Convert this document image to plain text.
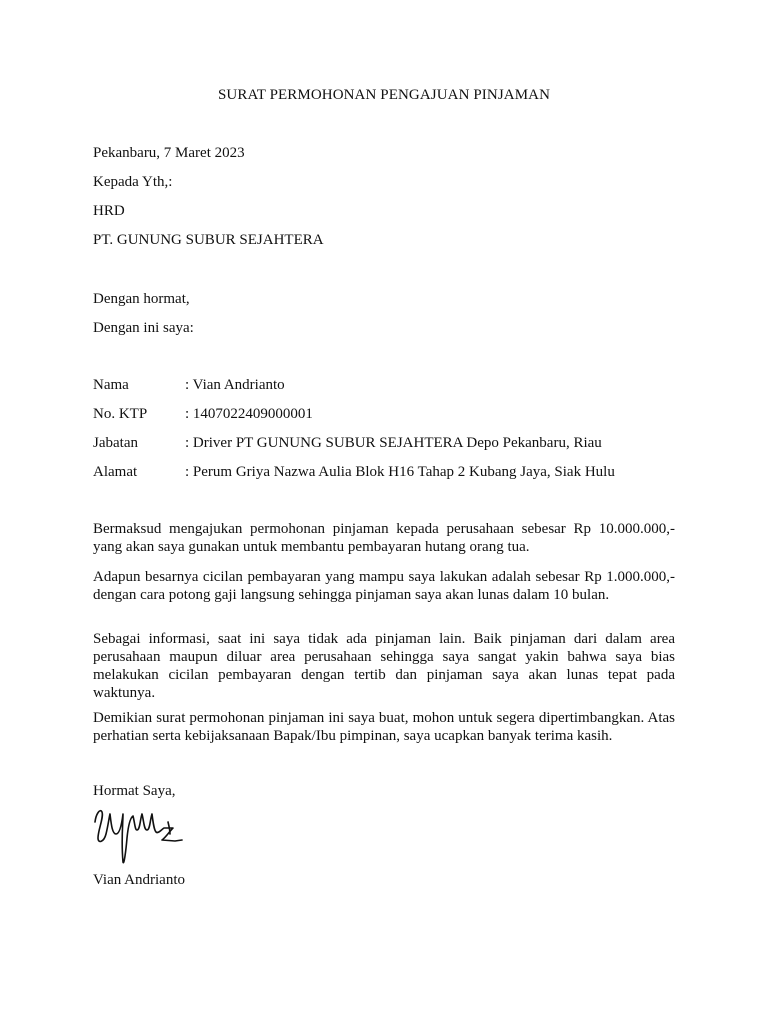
SURAT PERMOHONAN PENGAJUAN PINJAMAN
Pekanbaru, 7 Maret 2023
Kepada Yth,:
HRD
PT. GUNUNG SUBUR SEJAHTERA
Dengan hormat,
Dengan ini saya:
Nama	: Vian Andrianto
No. KTP	: 1407022409000001
Jabatan	: Driver PT GUNUNG SUBUR SEJAHTERA Depo Pekanbaru, Riau
Alamat	: Perum Griya Nazwa Aulia Blok H16 Tahap 2 Kubang Jaya, Siak Hulu
Bermaksud mengajukan permohonan pinjaman kepada perusahaan sebesar Rp 10.000.000,- yang akan saya gunakan untuk membantu pembayaran hutang orang tua.
Adapun besarnya cicilan pembayaran yang mampu saya lakukan adalah sebesar Rp 1.000.000,- dengan cara potong gaji langsung sehingga pinjaman saya akan lunas dalam 10 bulan.
Sebagai informasi, saat ini saya tidak ada pinjaman lain. Baik pinjaman dari dalam area perusahaan maupun diluar area perusahaan sehingga saya sangat yakin bahwa saya bias melakukan cicilan pembayaran dengan tertib dan pinjaman saya akan lunas tepat pada waktunya.
Demikian surat permohonan pinjaman ini saya buat, mohon untuk segera dipertimbangkan. Atas perhatian serta kebijaksanaan Bapak/Ibu pimpinan, saya ucapkan banyak terima kasih.
Hormat Saya,
Vian Andrianto
